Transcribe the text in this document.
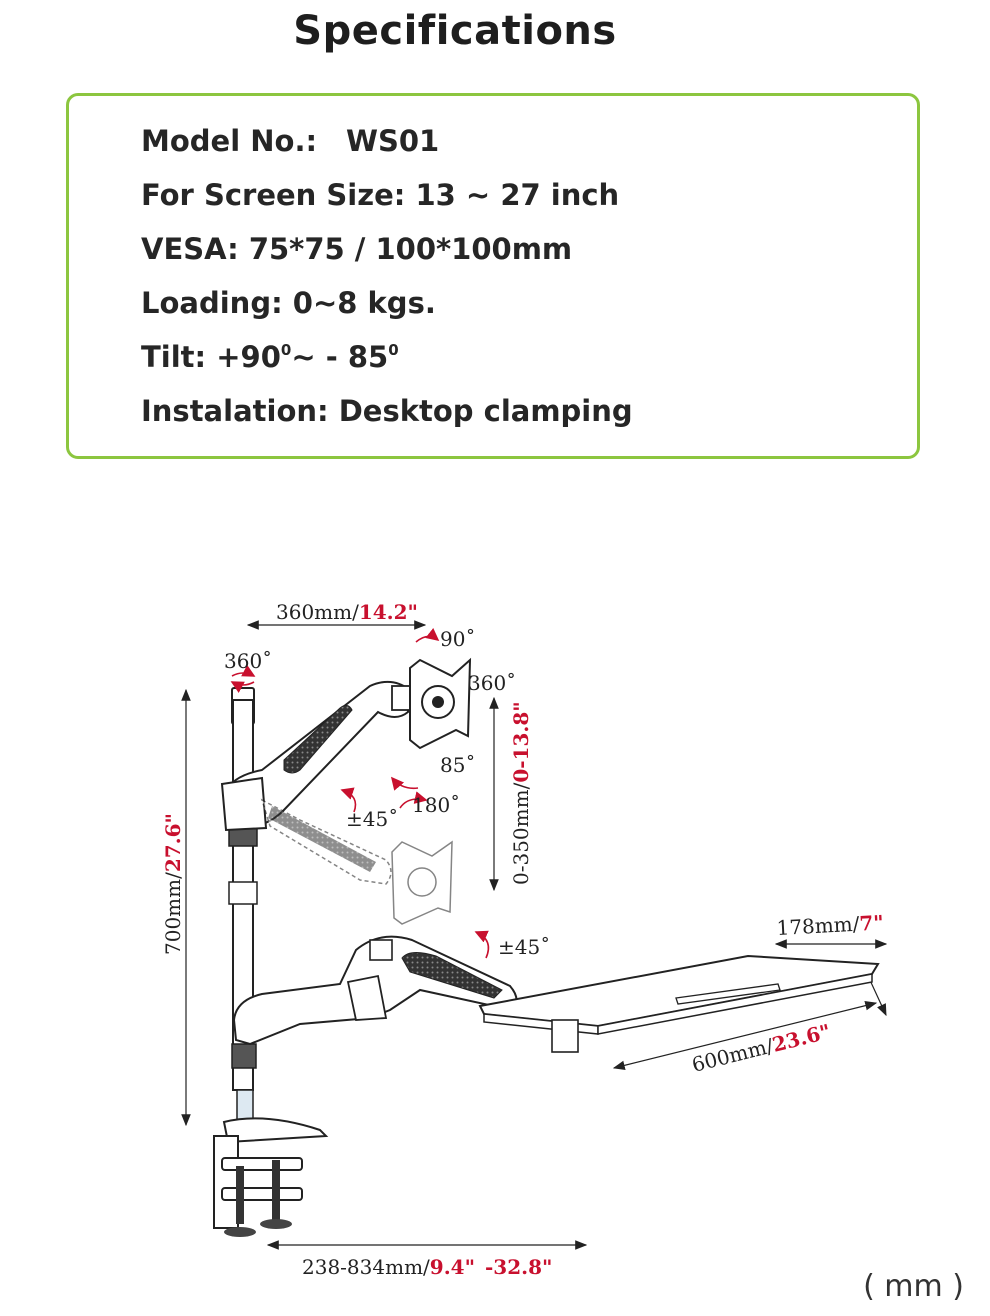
Specifications
Model No.: WS01
For Screen Size: 13 ~ 27 inch
VESA: 75*75 / 100*100mm
Loading: 0~8 kgs.
Tilt: $+90^0\sim - 85^0$
Instalation: Desktop clamping
360mm/14.2"
700mm/27.6"	0-350mm/0-13.8"
178mm/7"
600mm/23.6"
238-834mm/9.4" -32.8"
360˚
90˚
360˚
85˚
180˚
±45˚
±45˚
( mm )
